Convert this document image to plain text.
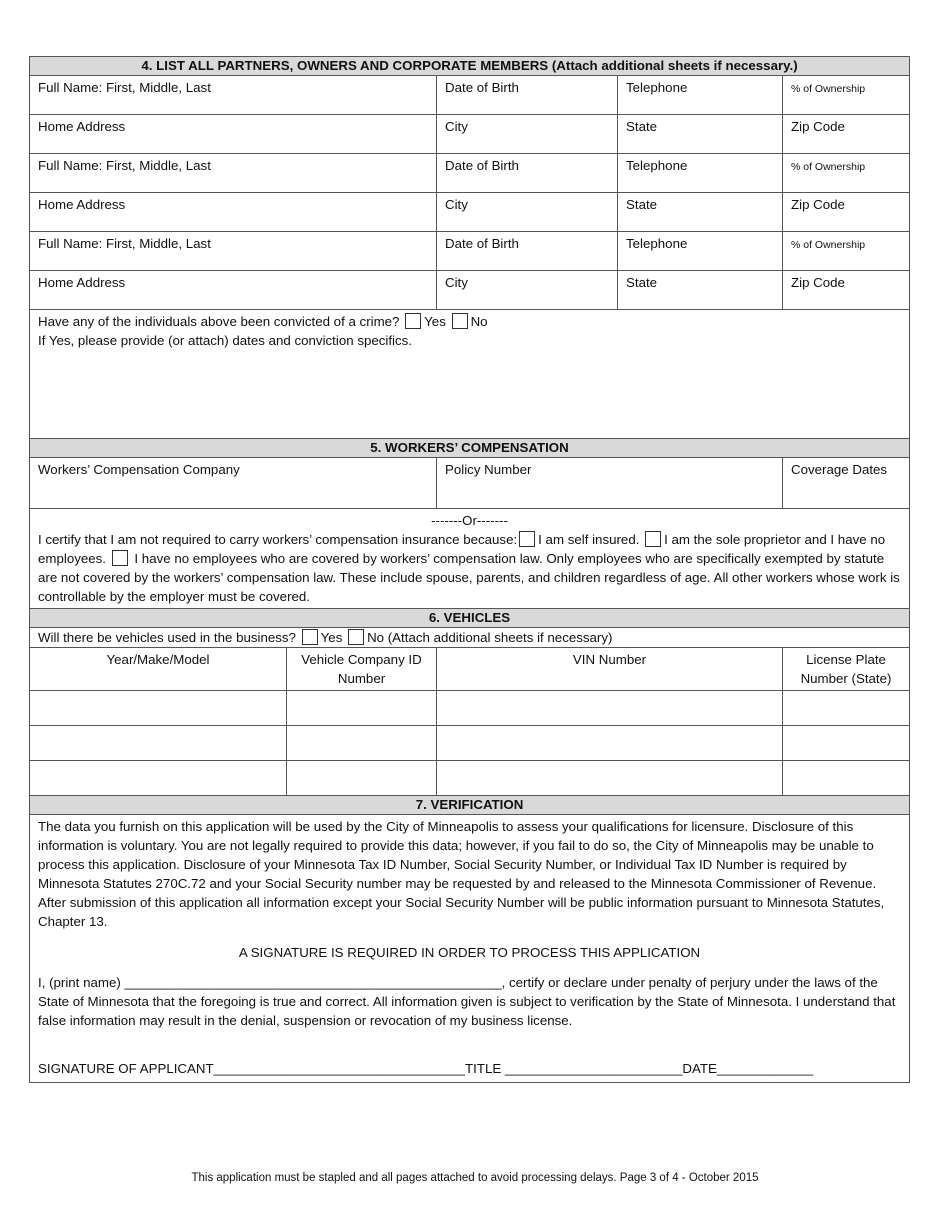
4. LIST ALL PARTNERS, OWNERS AND CORPORATE MEMBERS (Attach additional sheets if necessary.)				
Full Name: First, Middle, Last		Date of Birth	Telephone	% of Ownership
Home Address		City	State	Zip Code
Full Name: First, Middle, Last		Date of Birth	Telephone	% of Ownership
Home Address		City	State	Zip Code
Full Name: First, Middle, Last		Date of Birth	Telephone	% of Ownership
Home Address		City	State	Zip Code
Have any of the individuals above been convicted of a crime? Yes No
If Yes, please provide (or attach) dates and conviction specifics.				
5. WORKERS’ COMPENSATION				
Workers’ Compensation Company		Policy Number		Coverage Dates

-------Or-------
I certify that I am not required to carry workers’ compensation insurance because: I am self insured. I am the sole proprietor and I have no employees. I have no employees who are covered by workers’ compensation law. Only employees who are specifically exempted by statute are not covered by the workers’ compensation law. These include spouse, parents, and children regardless of age. All other workers whose work is controllable by the employer must be covered.				
6. VEHICLES				
Will there be vehicles used in the business? Yes No (Attach additional sheets if necessary)				
Year/Make/Model	Vehicle Company ID Number	VIN Number		License Plate Number (State)

7. VERIFICATION				

The data you furnish on this application will be used by the City of Minneapolis to assess your qualifications for licensure. Disclosure of this information is voluntary. You are not legally required to provide this data; however, if you fail to do so, the City of Minneapolis may be unable to process this application. Disclosure of your Minnesota Tax ID Number, Social Security Number, or Individual Tax ID Number is required by Minnesota Statutes 270C.72 and your Social Security number may be requested by and released to the Minnesota Commissioner of Revenue. After submission of this application all information except your Social Security Number will be public information pursuant to Minnesota Statutes, Chapter 13.
A SIGNATURE IS REQUIRED IN ORDER TO PROCESS THIS APPLICATION
I, (print name) ___________________________________________________, certify or declare under penalty of perjury under the laws of the State of Minnesota that the foregoing is true and correct. All information given is subject to verification by the State of Minnesota. I understand that false information may result in the denial, suspension or revocation of my business license.
SIGNATURE OF APPLICANT__________________________________TITLE ________________________DATE_____________				
This application must be stapled and all pages attached to avoid processing delays. Page 3 of 4 - October 2015
